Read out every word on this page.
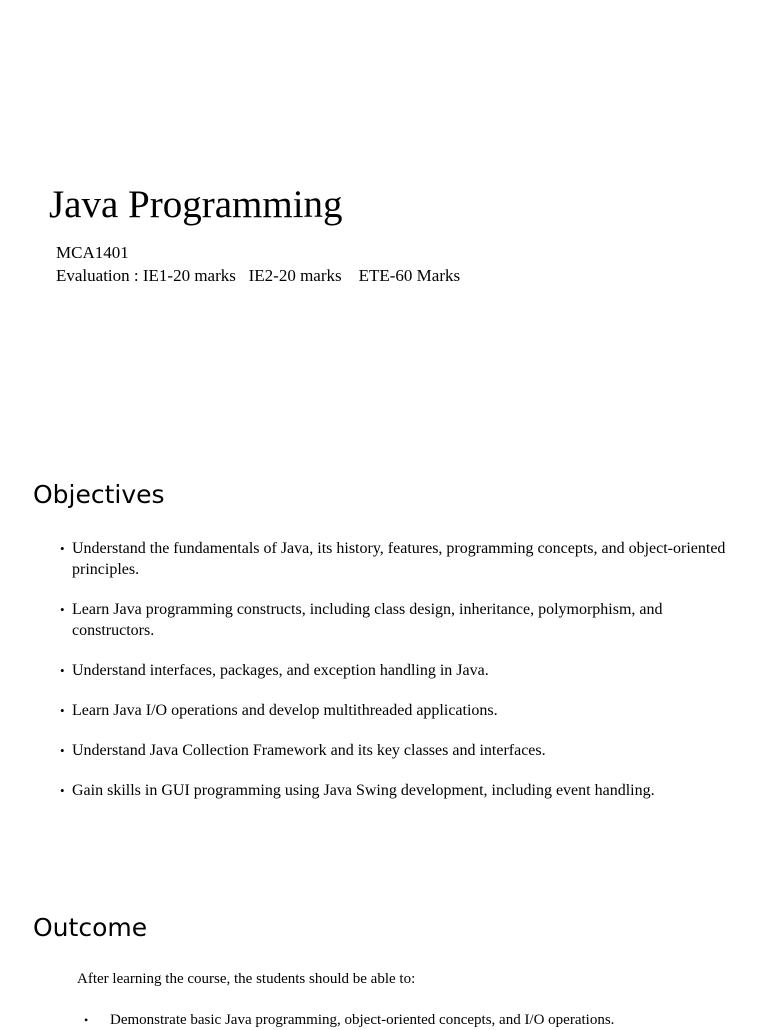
Java Programming
MCA1401
Evaluation : IE1-20 marks   IE2-20 marks    ETE-60 Marks
Objectives
• Understand the fundamentals of Java, its history, features, programming concepts, and object-oriented principles.
• Learn Java programming constructs, including class design, inheritance, polymorphism, and constructors.
• Understand interfaces, packages, and exception handling in Java.
• Learn Java I/O operations and develop multithreaded applications.
• Understand Java Collection Framework and its key classes and interfaces.
• Gain skills in GUI programming using Java Swing development, including event handling.
Outcome
After learning the course, the students should be able to:
• Demonstrate basic Java programming, object-oriented concepts, and I/O operations.
